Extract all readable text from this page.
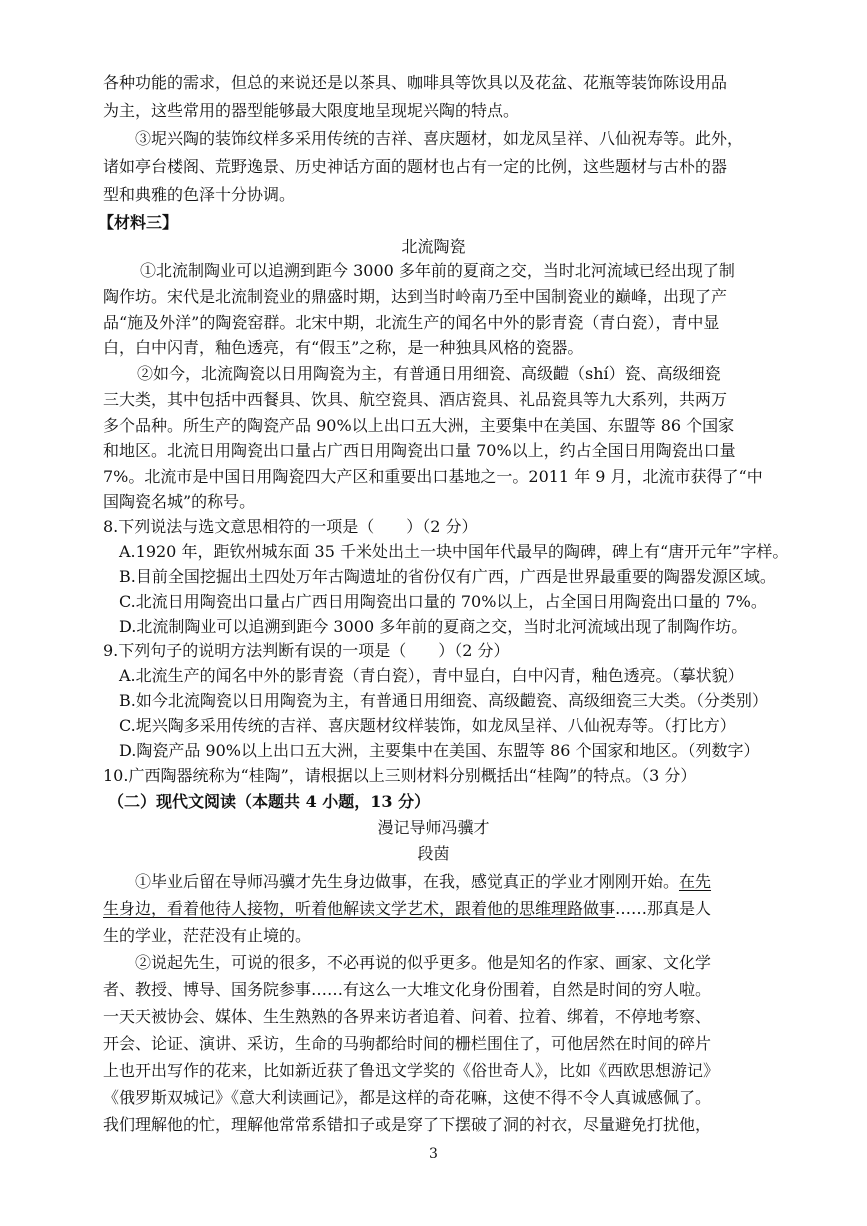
各种功能的需求，但总的来说还是以茶具、咖啡具等饮具以及花盆、花瓶等装饰陈设用品
为主，这些常用的器型能够最大限度地呈现坭兴陶的特点。
③坭兴陶的装饰纹样多采用传统的吉祥、喜庆题材，如龙凤呈祥、八仙祝寿等。此外，
诸如亭台楼阁、荒野逸景、历史神话方面的题材也占有一定的比例，这些题材与古朴的器
型和典雅的色泽十分协调。
【材料三】
北流陶瓷
①北流制陶业可以追溯到距今 3000 多年前的夏商之交，当时北河流域已经出现了制
陶作坊。宋代是北流制瓷业的鼎盛时期，达到当时岭南乃至中国制瓷业的巅峰，出现了产
品“施及外洋”的陶瓷窑群。北宋中期，北流生产的闻名中外的影青瓷（青白瓷），青中显
白，白中闪青，釉色透亮，有“假玉”之称，是一种独具风格的瓷器。
②如今，北流陶瓷以日用陶瓷为主，有普通日用细瓷、高级䶣（shí）瓷、高级细瓷
三大类，其中包括中西餐具、饮具、航空瓷具、酒店瓷具、礼品瓷具等九大系列，共两万
多个品种。所生产的陶瓷产品 90%以上出口五大洲，主要集中在美国、东盟等 86 个国家
和地区。北流日用陶瓷出口量占广西日用陶瓷出口量 70%以上，约占全国日用陶瓷出口量
7%。北流市是中国日用陶瓷四大产区和重要出口基地之一。2011 年 9 月，北流市获得了“中
国陶瓷名城”的称号。
8.下列说法与选文意思相符的一项是（　　）（2 分）
A.1920 年，距钦州城东面 35 千米处出土一块中国年代最早的陶碑，碑上有“唐开元年”字样。
B.目前全国挖掘出土四处万年古陶遗址的省份仅有广西，广西是世界最重要的陶器发源区域。
C.北流日用陶瓷出口量占广西日用陶瓷出口量的 70%以上，占全国日用陶瓷出口量的 7%。
D.北流制陶业可以追溯到距今 3000 多年前的夏商之交，当时北河流域出现了制陶作坊。
9.下列句子的说明方法判断有误的一项是（　　）（2 分）
A.北流生产的闻名中外的影青瓷（青白瓷），青中显白，白中闪青，釉色透亮。（摹状貌）
B.如今北流陶瓷以日用陶瓷为主，有普通日用细瓷、高级䶣瓷、高级细瓷三大类。（分类别）
C.坭兴陶多采用传统的吉祥、喜庆题材纹样装饰，如龙凤呈祥、八仙祝寿等。（打比方）
D.陶瓷产品 90%以上出口五大洲，主要集中在美国、东盟等 86 个国家和地区。（列数字）
10.广西陶器统称为“桂陶”，请根据以上三则材料分别概括出“桂陶”的特点。（3 分）
（二）现代文阅读（本题共 4 小题，13 分）
漫记导师冯骥才
段茵
①毕业后留在导师冯骥才先生身边做事，在我，感觉真正的学业才刚刚开始。在先
生身边，看着他待人接物，听着他解读文学艺术，跟着他的思维理路做事……那真是人
生的学业，茫茫没有止境的。
②说起先生，可说的很多，不必再说的似乎更多。他是知名的作家、画家、文化学
者、教授、博导、国务院参事……有这么一大堆文化身份围着，自然是时间的穷人啦。
一天天被协会、媒体、生生熟熟的各界来访者追着、问着、拉着、绑着，不停地考察、
开会、论证、演讲、采访，生命的马驹都给时间的栅栏围住了，可他居然在时间的碎片
上也开出写作的花来，比如新近获了鲁迅文学奖的《俗世奇人》，比如《西欧思想游记》
《俄罗斯双城记》《意大利读画记》，都是这样的奇花嘛，这使不得不令人真诚感佩了。
我们理解他的忙，理解他常常系错扣子或是穿了下摆破了洞的衬衣，尽量避免打扰他，
3
